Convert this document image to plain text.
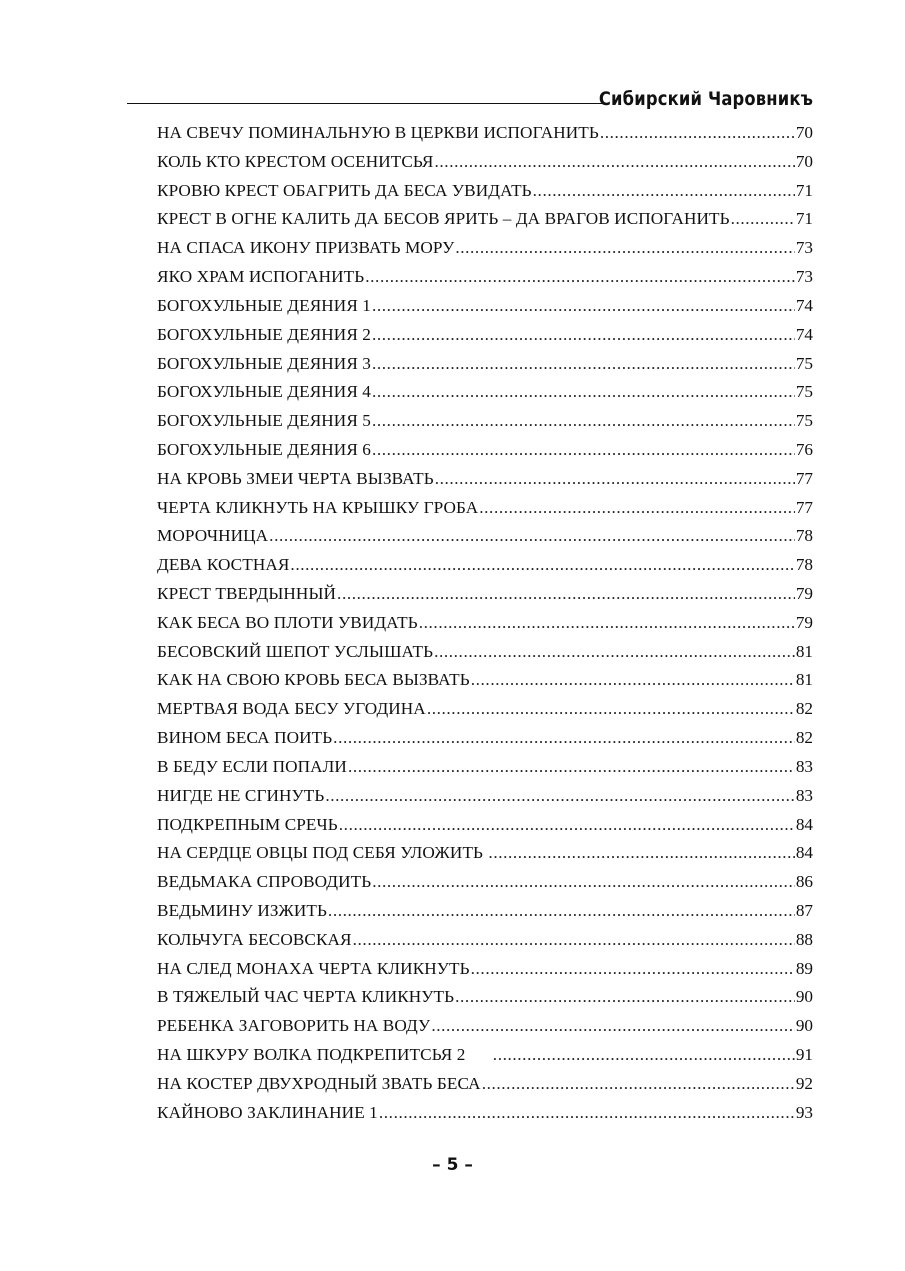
Сибирский Чаровникъ
НА СВЕЧУ ПОМИНАЛЬНУЮ В ЦЕРКВИ ИСПОГАНИТЬ .....	70
КОЛЬ КТО КРЕСТОМ ОСЕНИТСЬЯ .....	70
КРОВЮ КРЕСТ ОБАГРИТЬ ДА БЕСА УВИДАТЬ .....	71
КРЕСТ В ОГНЕ КАЛИТЬ ДА БЕСОВ ЯРИТЬ – ДА ВРАГОВ ИСПОГАНИТЬ .....	71
НА СПАСА ИКОНУ ПРИЗВАТЬ МОРУ .....	73
ЯКО ХРАМ ИСПОГАНИТЬ .....	73
БОГОХУЛЬНЫЕ ДЕЯНИЯ 1 .....	74
БОГОХУЛЬНЫЕ ДЕЯНИЯ 2 .....	74
БОГОХУЛЬНЫЕ ДЕЯНИЯ 3 .....	75
БОГОХУЛЬНЫЕ ДЕЯНИЯ 4 .....	75
БОГОХУЛЬНЫЕ ДЕЯНИЯ 5 .....	75
БОГОХУЛЬНЫЕ ДЕЯНИЯ 6 .....	76
НА КРОВЬ ЗМЕИ ЧЕРТА ВЫЗВАТЬ .....	77
ЧЕРТА КЛИКНУТЬ НА КРЫШКУ ГРОБА .....	77
МОРОЧНИЦА .....	78
ДЕВА КОСТНАЯ .....	78
КРЕСТ ТВЕРДЫННЫЙ .....	79
КАК БЕСА ВО ПЛОТИ УВИДАТЬ .....	79
БЕСОВСКИЙ ШЕПОТ УСЛЫШАТЬ .....	81
КАК НА СВОЮ КРОВЬ БЕСА ВЫЗВАТЬ .....	81
МЕРТВАЯ ВОДА БЕСУ УГОДИНА .....	82
ВИНОМ БЕСА ПОИТЬ .....	82
В БЕДУ ЕСЛИ ПОПАЛИ .....	83
НИГДЕ НЕ СГИНУТЬ .....	83
ПОДКРЕПНЫМ СРЕЧЬ .....	84
НА СЕРДЦЕ ОВЦЫ ПОД СЕБЯ УЛОЖИТЬ .....	84
ВЕДЬМАКА СПРОВОДИТЬ .....	86
ВЕДЬМИНУ ИЗЖИТЬ .....	87
КОЛЬЧУГА БЕСОВСКАЯ .....	88
НА СЛЕД МОНАХА ЧЕРТА КЛИКНУТЬ .....	89
В ТЯЖЕЛЫЙ ЧАС ЧЕРТА КЛИКНУТЬ .....	90
РЕБЕНКА ЗАГОВОРИТЬ НА ВОДУ .....	90
НА ШКУРУ ВОЛКА ПОДКРЕПИТСЬЯ 2 .....	91
НА КОСТЕР ДВУХРОДНЫЙ ЗВАТЬ БЕСА .....	92
КАЙНОВО ЗАКЛИНАНИЕ 1 .....	93
– 5 –
